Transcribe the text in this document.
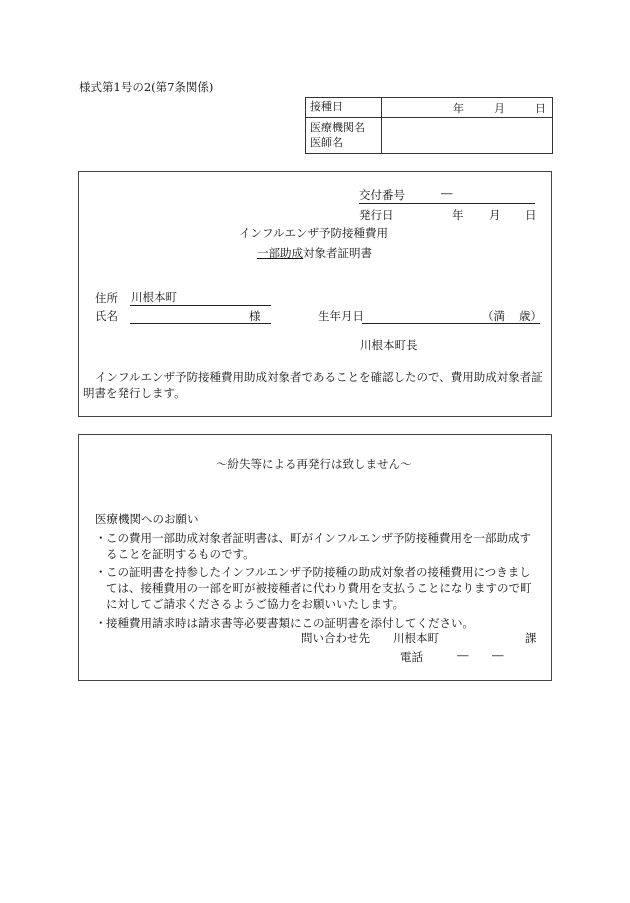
様式第1号の2(第7条関係)
接種日	年 月 日

医療機関名
医師名	

交付番号	―
発行日	年 月 日
インフルエンザ予防接種費用
一部助成対象者証明書
住所 川根本町
氏名	様	生年月日	（満 歳）
川根本町長
インフルエンザ予防接種費用助成対象者であることを確認したので、費用助成対象者証明書を発行します。
～紛失等による再発行は致しません～
医療機関へのお願い
・ この費用一部助成対象者証明書は、町がインフルエンザ予防接種費用を一部助成することを証明するものです。
・ この証明書を持参したインフルエンザ予防接種の助成対象者の接種費用につきましては、接種費用の一部を町が被接種者に代わり費用を支払うことになりますので町に対してご請求くださるようご協力をお願いいたします。
・ 接種費用請求時は請求書等必要書類にこの証明書を添付してください。
問い合わせ先 川根本町	課
電話	― ―
